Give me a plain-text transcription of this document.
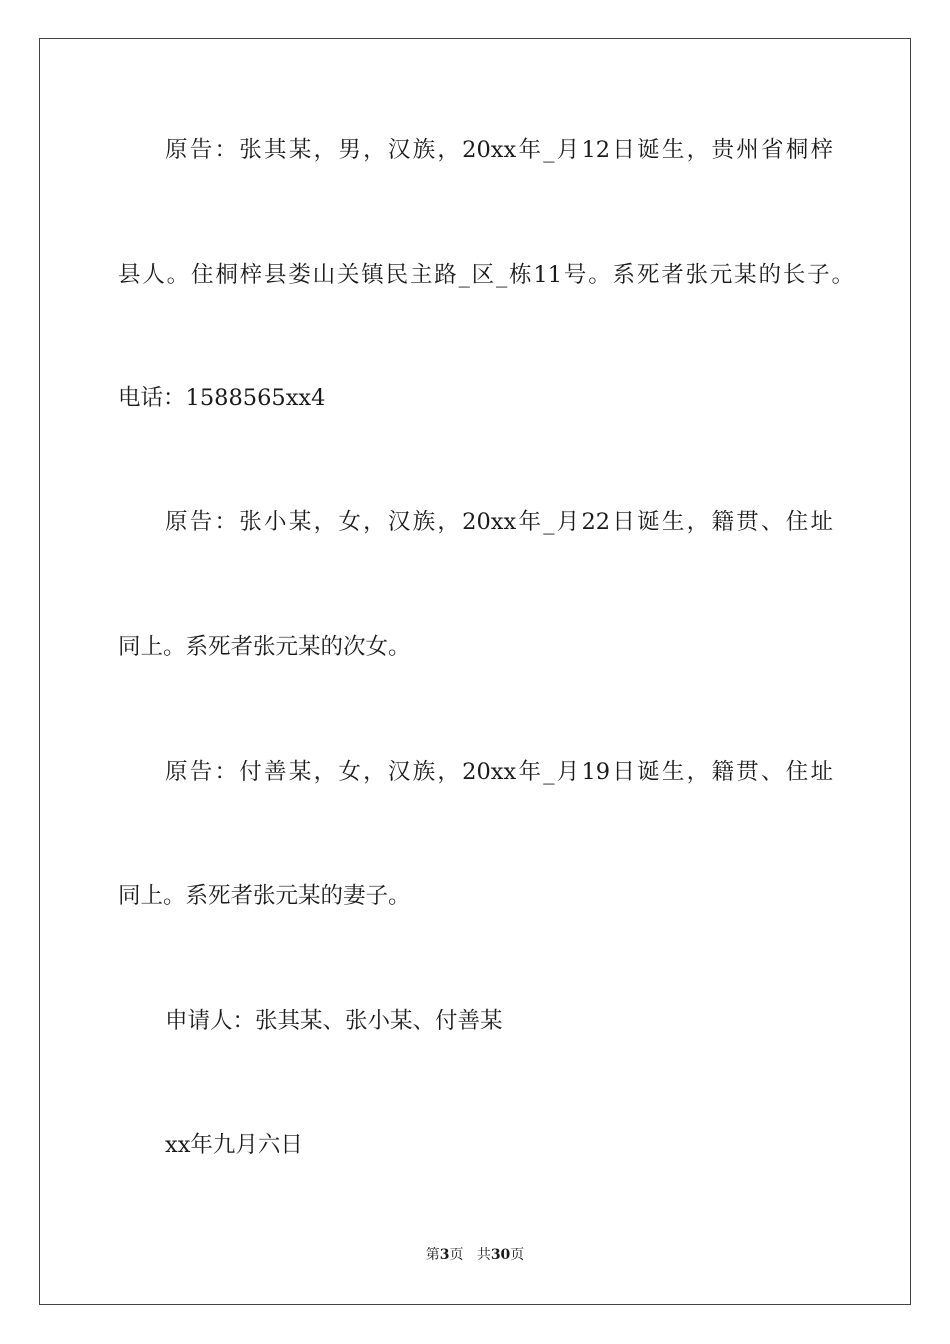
原告：张其某，男，汉族，20xx年_月12日诞生，贵州省桐梓

县人。住桐梓县娄山关镇民主路_区_栋11号。系死者张元某的长子。

电话：1588565xx4

原告：张小某，女，汉族，20xx年_月22日诞生，籍贯、住址

同上。系死者张元某的次女。

原告：付善某，女，汉族，20xx年_月19日诞生，籍贯、住址

同上。系死者张元某的妻子。

申请人：张其某、张小某、付善某

xx年九月六日

第3页 共30页
